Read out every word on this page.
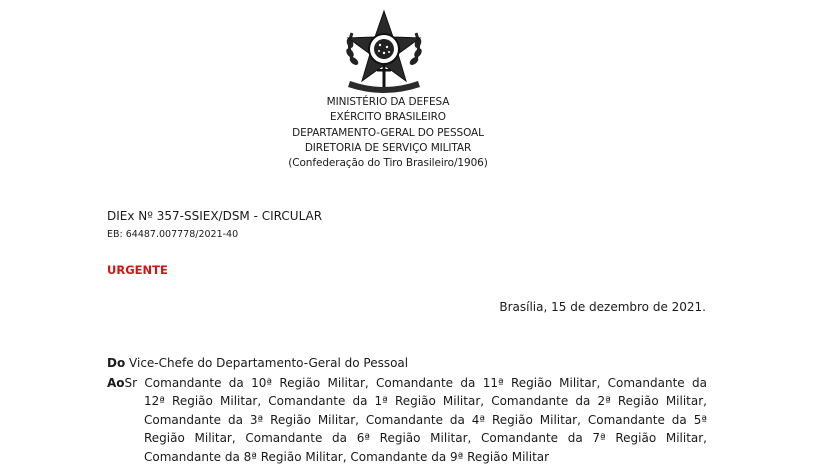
MINISTÉRIO DA DEFESA
EXÉRCITO BRASILEIRO
DEPARTAMENTO-GERAL DO PESSOAL
DIRETORIA DE SERVIÇO MILITAR
(Confederação do Tiro Brasileiro/1906)
DIEx Nº 357-SSIEX/DSM - CIRCULAR
EB: 64487.007778/2021-40
URGENTE
Brasília, 15 de dezembro de 2021.
Do Vice-Chefe do Departamento-Geral do Pessoal
AoSr Comandante da 10ª Região Militar, Comandante da 11ª Região Militar, Comandante da
12ª Região Militar, Comandante da 1ª Região Militar, Comandante da 2ª Região Militar,
Comandante da 3ª Região Militar, Comandante da 4ª Região Militar, Comandante da 5ª
Região Militar, Comandante da 6ª Região Militar, Comandante da 7ª Região Militar,
Comandante da 8ª Região Militar, Comandante da 9ª Região Militar
